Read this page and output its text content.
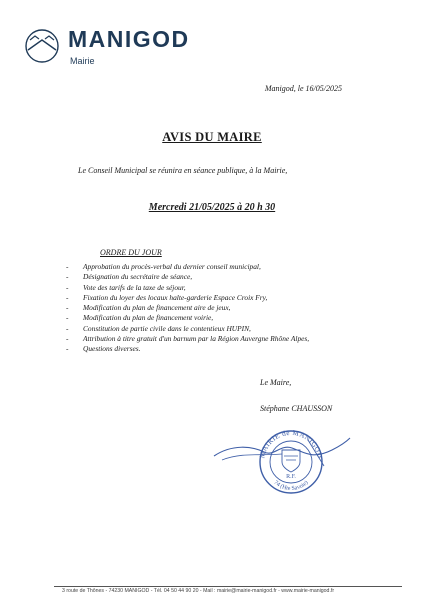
MANIGOD
Mairie
Manigod, le 16/05/2025
AVIS DU MAIRE
Le Conseil Municipal se réunira en séance publique, à la Mairie,
Mercredi 21/05/2025 à 20 h 30
ORDRE DU JOUR
- Approbation du procès-verbal du dernier conseil municipal,
- Désignation du secrétaire de séance,
- Vote des tarifs de la taxe de séjour,
- Fixation du loyer des locaux halte-garderie Espace Croix Fry,
- Modification du plan de financement aire de jeux,
- Modification du plan de financement voirie,
- Constitution de partie civile dans le contentieux HUPIN,
- Attribution à titre gratuit d'un barnum par la Région Auvergne Rhône Alpes,
- Questions diverses.
Le Maire,
Stéphane CHAUSSON
MAIRIE de MANIGOD
74 (Hte Savoie)
R.F.
3 route de Thônes - 74230 MANIGOD - Tél. 04 50 44 90 20 - Mail : mairie@mairie-manigod.fr - www.mairie-manigod.fr
